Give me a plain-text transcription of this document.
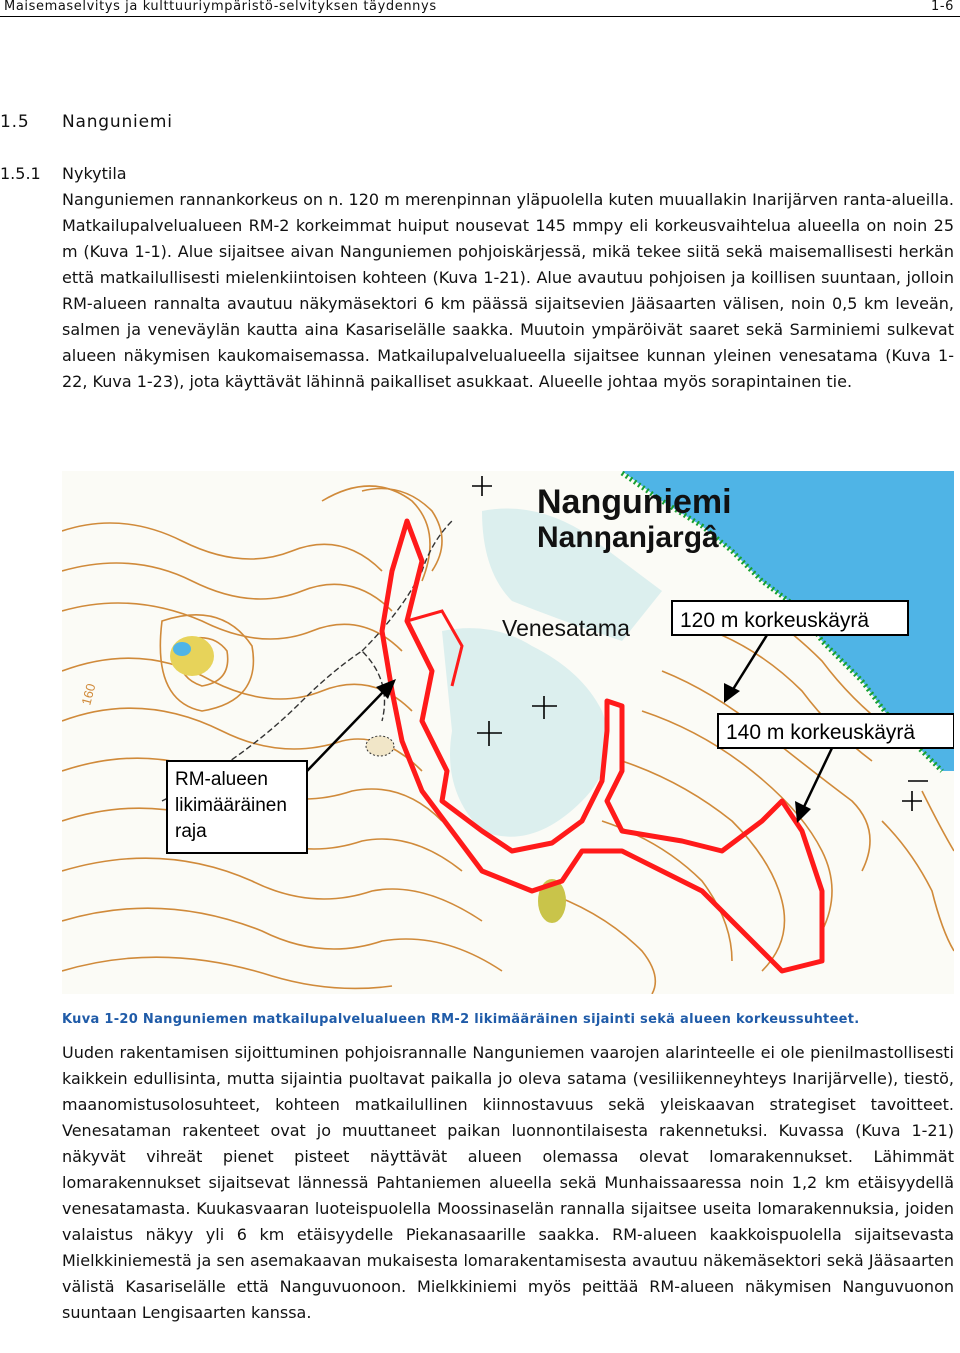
Maisemaselvitys ja kulttuuriympäristö-selvityksen täydennys	1-6
1.5 Nanguniemi
1.5.1 Nykytila
Nanguniemen rannankorkeus on n. 120 m merenpinnan yläpuolella kuten muuallakin Inarijärven ranta-alueilla. Matkailupalvelualueen RM-2 korkeimmat huiput nousevat 145 mmpy eli korkeusvaihtelua alueella on noin 25 m (Kuva 1-1). Alue sijaitsee aivan Nanguniemen pohjoiskärjessä, mikä tekee siitä sekä maisemallisesti herkän että matkailullisesti mielenkiintoisen kohteen (Kuva 1-21). Alue avautuu pohjoisen ja koillisen suuntaan, jolloin RM-alueen rannalta avautuu näkymäsektori 6 km päässä sijaitsevien Jääsaarten välisen, noin 0,5 km leveän, salmen ja veneväylän kautta aina Kasariselälle saakka. Muutoin ympäröivät saaret sekä Sarminiemi sulkevat alueen näkymisen kaukomaisemassa. Matkailupalvelualueella sijaitsee kunnan yleinen venesatama (Kuva 1-22, Kuva 1-23), jota käyttävät lähinnä paikalliset asukkaat. Alueelle johtaa myös sorapintainen tie.
160
Nanguniemi
Nanŋanjargâ
Venesatama 120 m korkeuskäyrä
140 m korkeuskäyrä
RM-alueen
likimääräinen
raja
Kuva 1-20 Nanguniemen matkailupalvelualueen RM-2 likimääräinen sijainti sekä alueen korkeussuhteet.
Uuden rakentamisen sijoittuminen pohjoisrannalle Nanguniemen vaarojen alarinteelle ei ole pienilmastollisesti kaikkein edullisinta, mutta sijaintia puoltavat paikalla jo oleva satama (vesiliikenneyhteys Inarijärvelle), tiestö, maanomistusolosuhteet, kohteen matkailullinen kiinnostavuus sekä yleiskaavan strategiset tavoitteet. Venesataman rakenteet ovat jo muuttaneet paikan luonnontilaisesta rakennetuksi. Kuvassa (Kuva 1-21) näkyvät vihreät pienet pisteet näyttävät alueen olemassa olevat lomarakennukset. Lähimmät lomarakennukset sijaitsevat lännessä Pahtaniemen alueella sekä Munhaissaaressa noin 1,2 km etäisyydellä venesatamasta. Kuukasvaaran luoteispuolella Moossinaselän rannalla sijaitsee useita lomarakennuksia, joiden valaistus näkyy yli 6 km etäisyydelle Piekanasaarille saakka. RM-alueen kaakkoispuolella sijaitsevasta Mielkkiniemestä ja sen asemakaavan mukaisesta lomarakentamisesta avautuu näkemäsektori sekä Jääsaarten välistä Kasariselälle että Nanguvuonoon. Mielkkiniemi myös peittää RM-alueen näkymisen Nanguvuonon suuntaan Lengisaarten kanssa.
